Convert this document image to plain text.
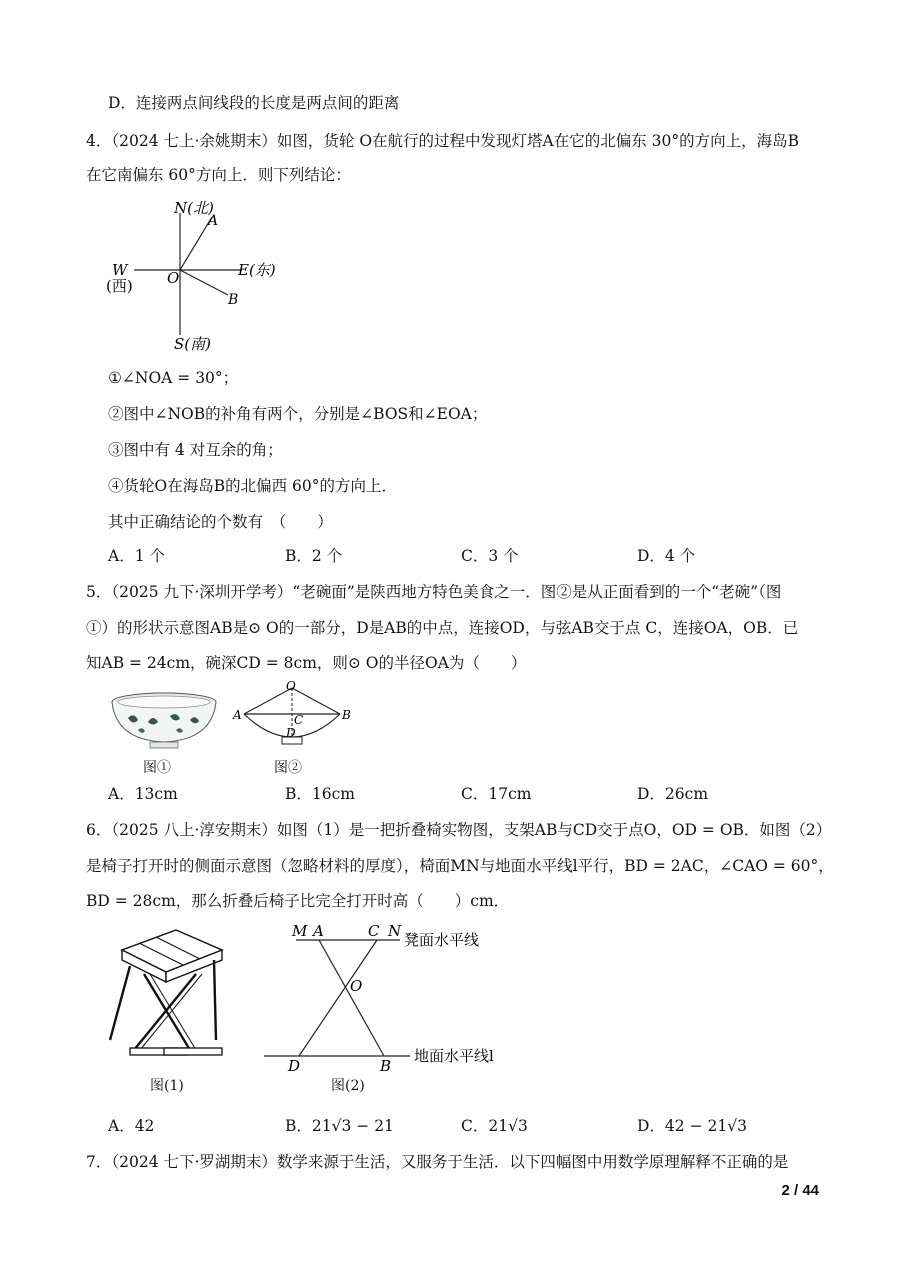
D．连接两点间线段的长度是两点间的距离
4．（2024 七上·余姚期末）如图，货轮 O在航行的过程中发现灯塔A在它的北偏东 30°的方向上，海岛B
在它南偏东 60°方向上．则下列结论：
N(北)
A
W
(西) O	E(东)
B
S(南)
①∠NOA = 30°；
②图中∠NOB的补角有两个，分别是∠BOS和∠EOA；
③图中有 4 对互余的角；
④货轮O在海岛B的北偏西 60°的方向上．
其中正确结论的个数有　（　　）
A．1 个	B．2 个	C．3 个	D．4 个
5．（2025 九下·深圳开学考）“老碗面”是陕西地方特色美食之一．图②是从正面看到的一个“老碗”（图
①）的形状示意图AB是⊙ O的一部分，D是AB的中点，连接OD，与弦AB交于点 C，连接OA，OB．已
知AB = 24cm，碗深CD = 8cm，则⊙ O的半径OA为（　　）
图①
O
A	B
C
D
图②
A．13cm	B．16cm	C．17cm	D．26cm
6．（2025 八上·淳安期末）如图（1）是一把折叠椅实物图，支架AB与CD交于点O，OD = OB．如图（2）
是椅子打开时的侧面示意图（忽略材料的厚度），椅面MN与地面水平线l平行，BD = 2AC，∠CAO = 60°，
BD = 28cm，那么折叠后椅子比完全打开时高（　　）cm．
图(1)
M A	C N 凳面水平线
O
D	B
地面水平线l
图(2)
A．42	B．21√3 − 21	C．21√3	D．42 − 21√3
7．（2024 七下·罗湖期末）数学来源于生活，又服务于生活．以下四幅图中用数学原理解释不正确的是
2 / 44
